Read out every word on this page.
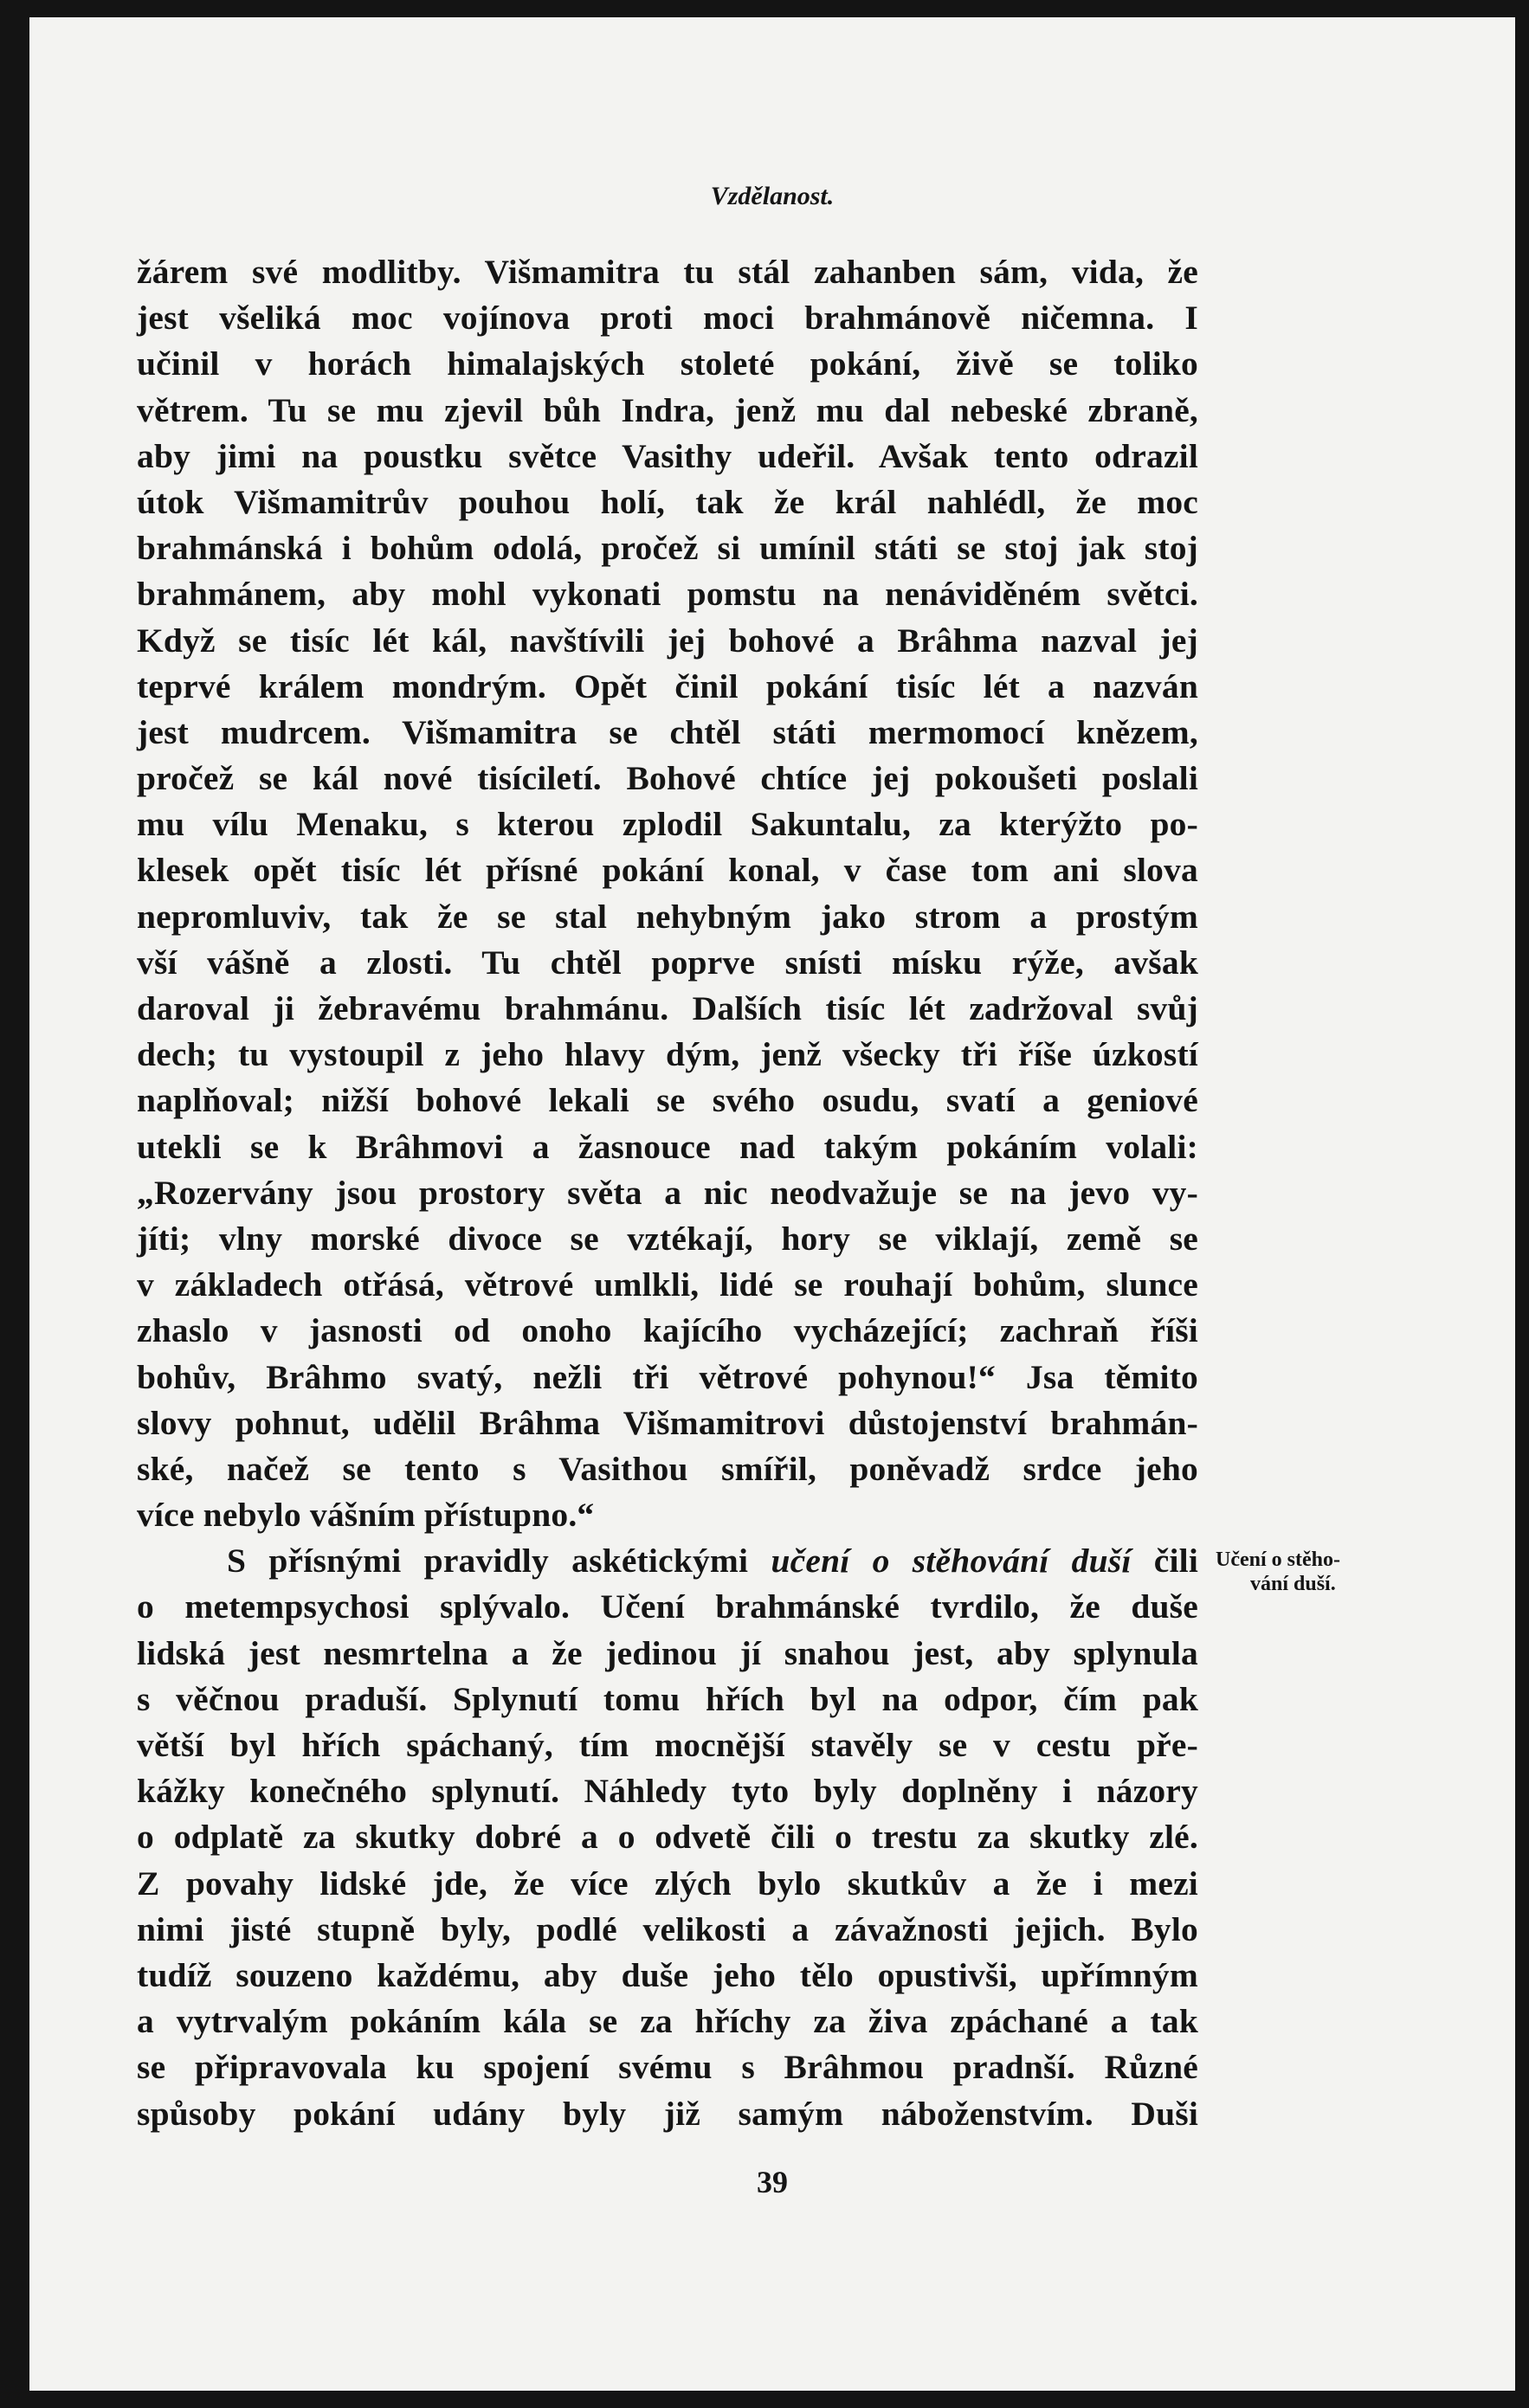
Vzdělanost.
žárem své modlitby. Višmamitra tu stál zahanben sám, vida, že
jest všeliká moc vojínova proti moci brahmánově ničemna. I
učinil v horách himalajských stoleté pokání, živě se toliko
větrem. Tu se mu zjevil bůh Indra, jenž mu dal nebeské zbraně,
aby jimi na poustku světce Vasithy udeřil. Avšak tento odrazil
útok Višmamitrův pouhou holí, tak že král nahlédl, že moc
brahmánská i bohům odolá, pročež si umínil státi se stoj jak stoj
brahmánem, aby mohl vykonati pomstu na nenáviděném světci.
Když se tisíc lét kál, navštívili jej bohové a Brâhma nazval jej
teprvé králem mondrým. Opět činil pokání tisíc lét a nazván
jest mudrcem. Višmamitra se chtěl státi mermomocí knězem,
pročež se kál nové tisíciletí. Bohové chtíce jej pokoušeti poslali
mu vílu Menaku, s kterou zplodil Sakuntalu, za kterýžto po-
klesek opět tisíc lét přísné pokání konal, v čase tom ani slova
nepromluviv, tak že se stal nehybným jako strom a prostým
vší vášně a zlosti. Tu chtěl poprve snísti mísku rýže, avšak
daroval ji žebravému brahmánu. Dalších tisíc lét zadržoval svůj
dech; tu vystoupil z jeho hlavy dým, jenž všecky tři říše úzkostí
naplňoval; nižší bohové lekali se svého osudu, svatí a geniové
utekli se k Brâhmovi a žasnouce nad takým pokáním volali:
„Rozervány jsou prostory světa a nic neodvažuje se na jevo vy-
jíti; vlny morské divoce se vztékají, hory se viklají, země se
v základech otřásá, větrové umlkli, lidé se rouhají bohům, slunce
zhaslo v jasnosti od onoho kajícího vycházející; zachraň říši
bohův, Brâhmo svatý, nežli tři větrové pohynou!“ Jsa těmito
slovy pohnut, udělil Brâhma Višmamitrovi důstojenství brahmán-
ské, načež se tento s Vasithou smířil, poněvadž srdce jeho
více nebylo vášním přístupno.“
S přísnými pravidly askétickými učení o stěhování duší čili
o metempsychosi splývalo. Učení brahmánské tvrdilo, že duše
lidská jest nesmrtelna a že jedinou jí snahou jest, aby splynula
s věčnou praduší. Splynutí tomu hřích byl na odpor, čím pak
větší byl hřích spáchaný, tím mocnější stavěly se v cestu pře-
kážky konečného splynutí. Náhledy tyto byly doplněny i názory
o odplatě za skutky dobré a o odvetě čili o trestu za skutky zlé.
Z povahy lidské jde, že více zlých bylo skutkův a že i mezi
nimi jisté stupně byly, podlé velikosti a závažnosti jejich. Bylo
tudíž souzeno každému, aby duše jeho tělo opustivši, upřímným
a vytrvalým pokáním kála se za hříchy za živa zpáchané a tak
se připravovala ku spojení svému s Brâhmou pradnší. Různé
spůsoby pokání udány byly již samým náboženstvím. Duši
Učení o stěho-
vání duší.
39
